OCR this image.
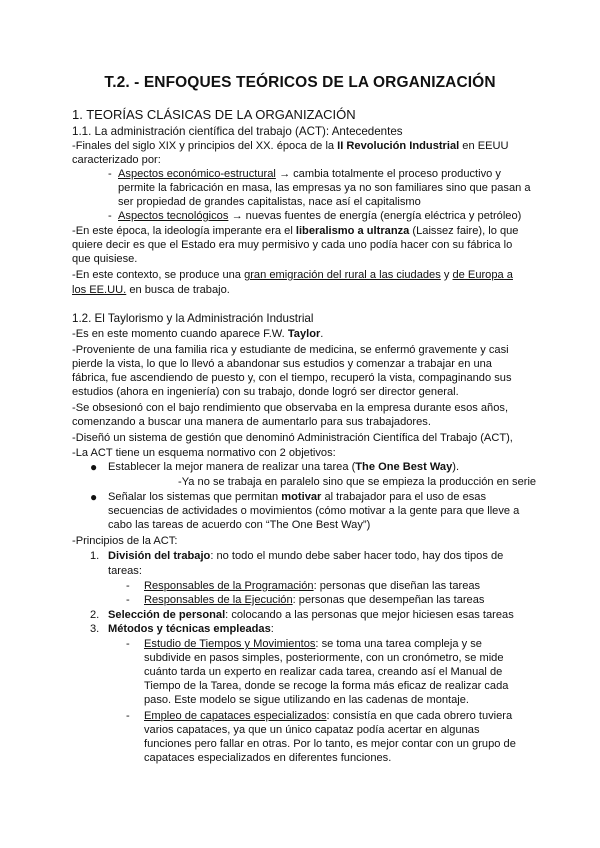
T.2. - ENFOQUES TEÓRICOS DE LA ORGANIZACIÓN
1. TEORÍAS CLÁSICAS DE LA ORGANIZACIÓN
1.1. La administración científica del trabajo (ACT): Antecedentes
-Finales del siglo XIX y principios del XX. época de la II Revolución Industrial en EEUU
caracterizado por:
- Aspectos económico-estructural → cambia totalmente el proceso productivo y
permite la fabricación en masa, las empresas ya no son familiares sino que pasan a
ser propiedad de grandes capitalistas, nace así el capitalismo
- Aspectos tecnológicos → nuevas fuentes de energía (energía eléctrica y petróleo)
-En este época, la ideología imperante era el liberalismo a ultranza (Laissez faire), lo que
quiere decir es que el Estado era muy permisivo y cada uno podía hacer con su fábrica lo
que quisiese.
-En este contexto, se produce una gran emigración del rural a las ciudades y de Europa a
los EE.UU. en busca de trabajo.
1.2. El Taylorismo y la Administración Industrial
-Es en este momento cuando aparece F.W. Taylor.
-Proveniente de una familia rica y estudiante de medicina, se enfermó gravemente y casi
pierde la vista, lo que lo llevó a abandonar sus estudios y comenzar a trabajar en una
fábrica, fue ascendiendo de puesto y, con el tiempo, recuperó la vista, compaginando sus
estudios (ahora en ingeniería) con su trabajo, donde logró ser director general.
-Se obsesionó con el bajo rendimiento que observaba en la empresa durante esos años,
comenzando a buscar una manera de aumentarlo para sus trabajadores.
-Diseñó un sistema de gestión que denominó Administración Científica del Trabajo (ACT),
-La ACT tiene un esquema normativo con 2 objetivos:
● Establecer la mejor manera de realizar una tarea (The One Best Way).
-Ya no se trabaja en paralelo sino que se empieza la producción en serie
● Señalar los sistemas que permitan motivar al trabajador para el uso de esas
secuencias de actividades o movimientos (cómo motivar a la gente para que lleve a
cabo las tareas de acuerdo con “The One Best Way”)
-Principios de la ACT:
1. División del trabajo: no todo el mundo debe saber hacer todo, hay dos tipos de
tareas:
- Responsables de la Programación: personas que diseñan las tareas
- Responsables de la Ejecución: personas que desempeñan las tareas
2. Selección de personal: colocando a las personas que mejor hiciesen esas tareas
3. Métodos y técnicas empleadas:
- Estudio de Tiempos y Movimientos: se toma una tarea compleja y se
subdivide en pasos simples, posteriormente, con un cronómetro, se mide
cuánto tarda un experto en realizar cada tarea, creando así el Manual de
Tiempo de la Tarea, donde se recoge la forma más eficaz de realizar cada
paso. Este modelo se sigue utilizando en las cadenas de montaje.
- Empleo de capataces especializados: consistía en que cada obrero tuviera
varios capataces, ya que un único capataz podía acertar en algunas
funciones pero fallar en otras. Por lo tanto, es mejor contar con un grupo de
capataces especializados en diferentes funciones.
